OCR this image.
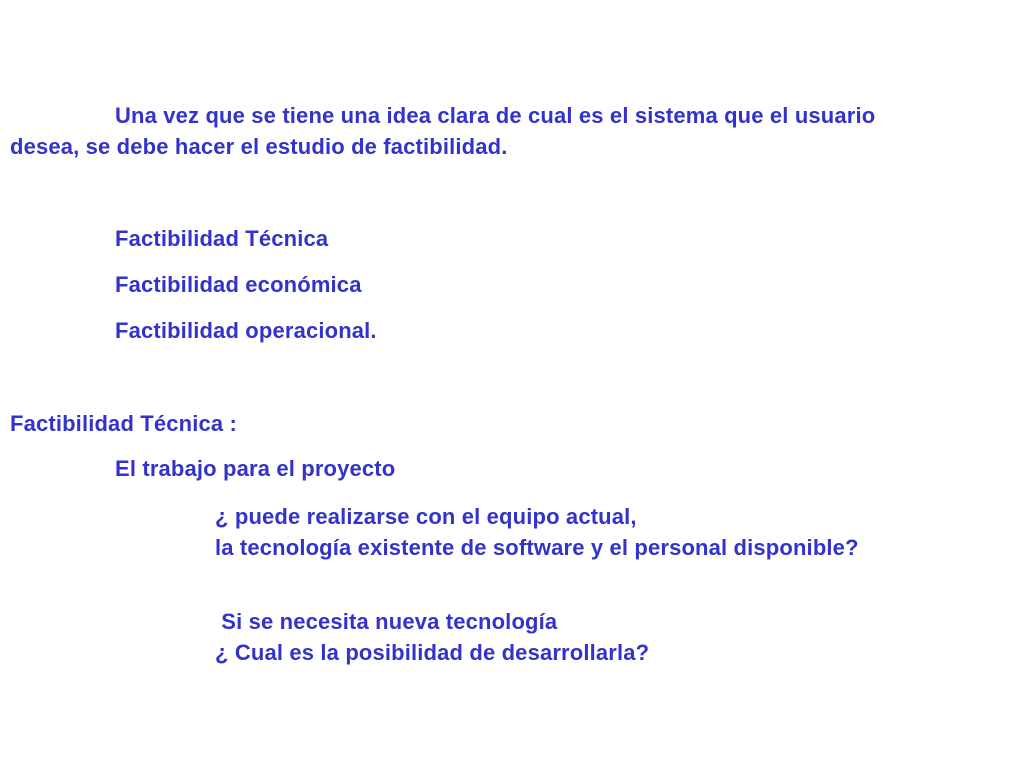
Una vez que se tiene una idea clara de cual es el sistema que el usuario
desea, se debe hacer el estudio de factibilidad.
Factibilidad Técnica
Factibilidad económica
Factibilidad operacional.
Factibilidad Técnica :
El trabajo para el proyecto
¿ puede realizarse con el equipo actual,
la tecnología existente de software y el personal disponible?
Si se necesita nueva tecnología
¿ Cual es la posibilidad de desarrollarla?
